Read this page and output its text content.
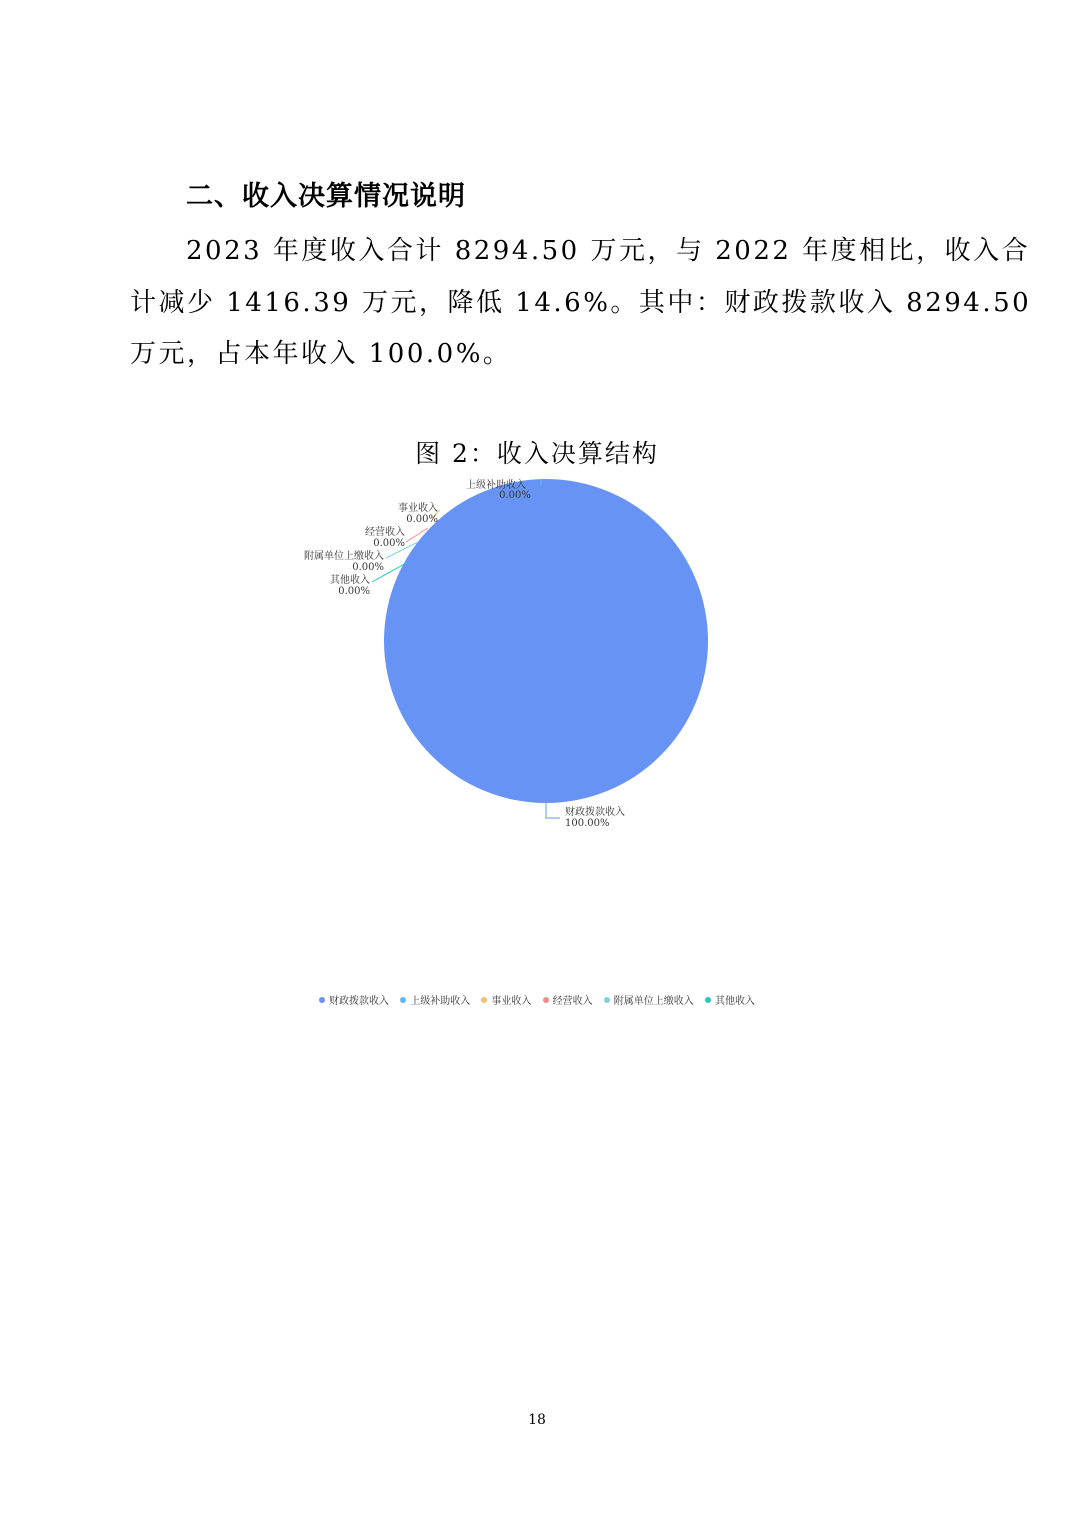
二、收入决算情况说明
2023 年度收入合计 8294.50 万元，与 2022 年度相比，收入合
计减少 1416.39 万元，降低 14.6%。其中：财政拨款收入 8294.50
万元，占本年收入 100.0%。
图 2：收入决算结构
财政拨款收入
100.00%
上级补助收入
0.00%
事业收入
0.00%
经营收入
0.00%
附属单位上缴收入
0.00%
其他收入
0.00%
财政拨款收入 上级补助收入 事业收入 经营收入 附属单位上缴收入 其他收入
18
